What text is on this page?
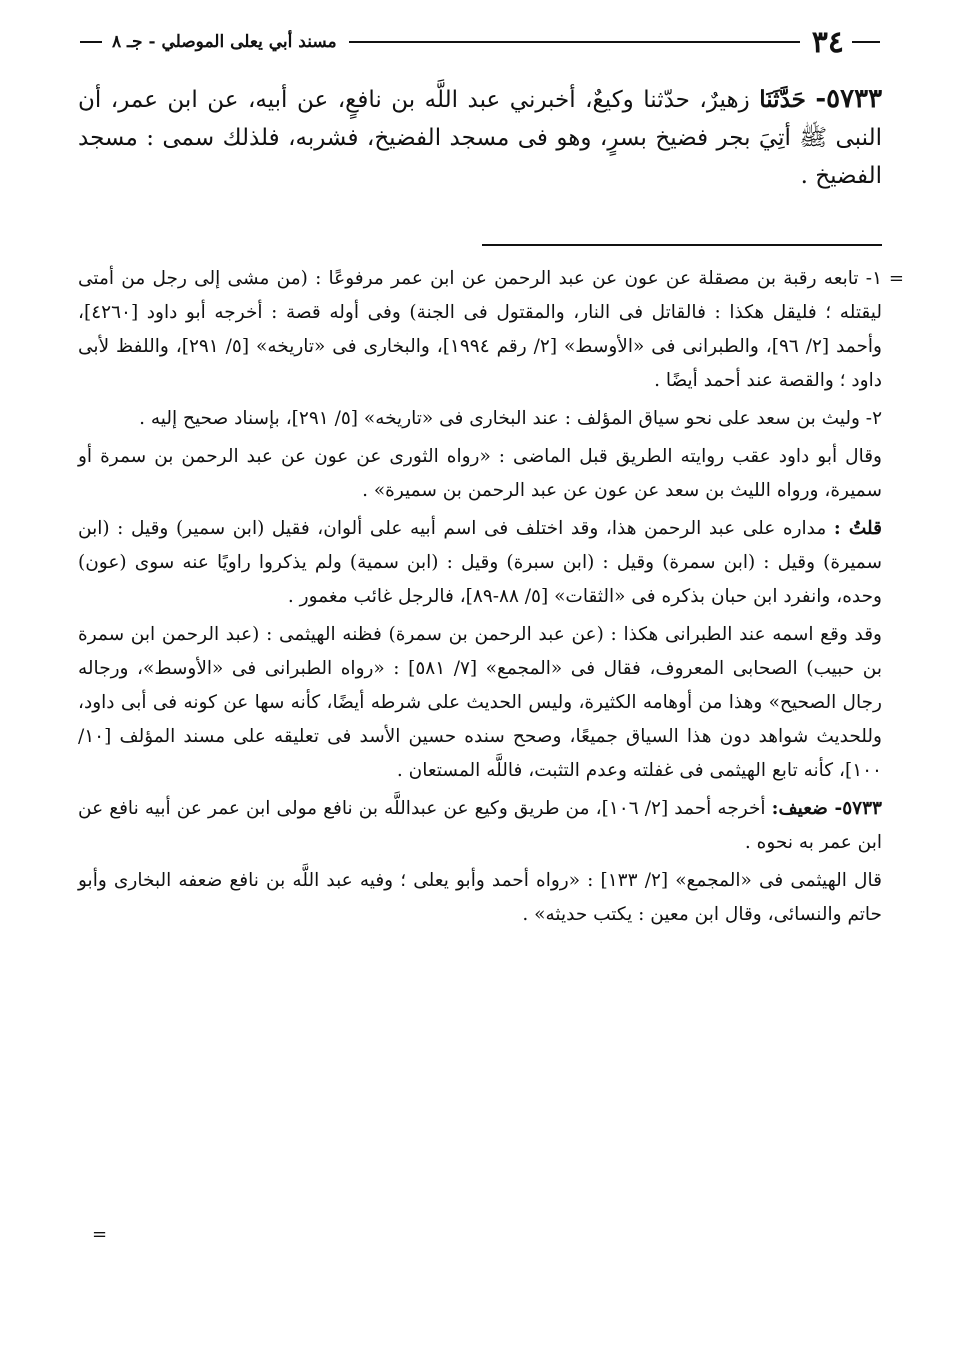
٣٤
مسند أبي يعلى الموصلي - جـ ٨
٥٧٣٣- حَدَّثَنَا زهيرٌ، حدّثنا وكيعٌ، أخبرني عبد اللَّه بن نافعٍ، عن أبيه، عن ابن عمر، أن النبى ﷺ أتِيَ بجر فضيخ بسرٍ، وهو فى مسجد الفضيخ، فشربه، فلذلك سمى : مسجد الفضيخ .
=

١- تابعه رقبة بن مصقلة عن عون عن عبد الرحمن عن ابن عمر مرفوعًا : (من مشى إلى رجل من أمتى ليقتله ؛ فليقل هكذا : فالقاتل فى النار، والمقتول فى الجنة) وفى أوله قصة : أخرجه أبو داود [٤٢٦٠]، وأحمد [٢/ ٩٦]، والطبرانى فى «الأوسط» [٢/ رقم ١٩٩٤]، والبخارى فى «تاريخه» [٥/ ٢٩١]، واللفظ لأبى داود ؛ والقصة عند أحمد أيضًا .

٢- وليث بن سعد على نحو سياق المؤلف : عند البخارى فى «تاريخه» [٥/ ٢٩١]، بإسناد صحيح إليه .

وقال أبو داود عقب روايته الطريق قبل الماضى : «رواه الثورى عن عون عن عبد الرحمن بن سمرة أو سميرة، ورواه الليث بن سعد عن عون عن عبد الرحمن بن سميرة» .

قلتُ : مداره على عبد الرحمن هذا، وقد اختلف فى اسم أبيه على ألوان، فقيل (ابن سمير) وقيل : (ابن سميرة) وقيل : (ابن سمرة) وقيل : (ابن سبرة) وقيل : (ابن سمية) ولم يذكروا راويًا عنه سوى (عون) وحده، وانفرد ابن حبان بذكره فى «الثقات» [٥/ ٨٨-٨٩]، فالرجل غائب مغمور .

وقد وقع اسمه عند الطبرانى هكذا : (عن عبد الرحمن بن سمرة) فظنه الهيثمى : (عبد الرحمن ابن سمرة بن حبيب) الصحابى المعروف، فقال فى «المجمع» [٧/ ٥٨١] : «رواه الطبرانى فى «الأوسط»، ورجاله رجال الصحيح» وهذا من أوهامه الكثيرة، وليس الحديث على شرطه أيضًا، كأنه سها عن كونه فى أبى داود، وللحديث شواهد دون هذا السياق جميعًا، وصحح سنده حسين الأسد فى تعليقه على مسند المؤلف [١٠/ ١٠٠]، كأنه تابع الهيثمى فى غفلته وعدم التثبت، فاللَّه المستعان .

٥٧٣٣- ضعيف: أخرجه أحمد [٢/ ١٠٦]، من طريق وكيع عن عبداللَّه بن نافع مولى ابن عمر عن أبيه نافع عن ابن عمر به نحوه .

قال الهيثمى فى «المجمع» [٢/ ١٣٣] : «رواه أحمد وأبو يعلى ؛ وفيه عبد اللَّه بن نافع ضعفه البخارى وأبو حاتم والنسائى، وقال ابن معين : يكتب حديثه» .

=
